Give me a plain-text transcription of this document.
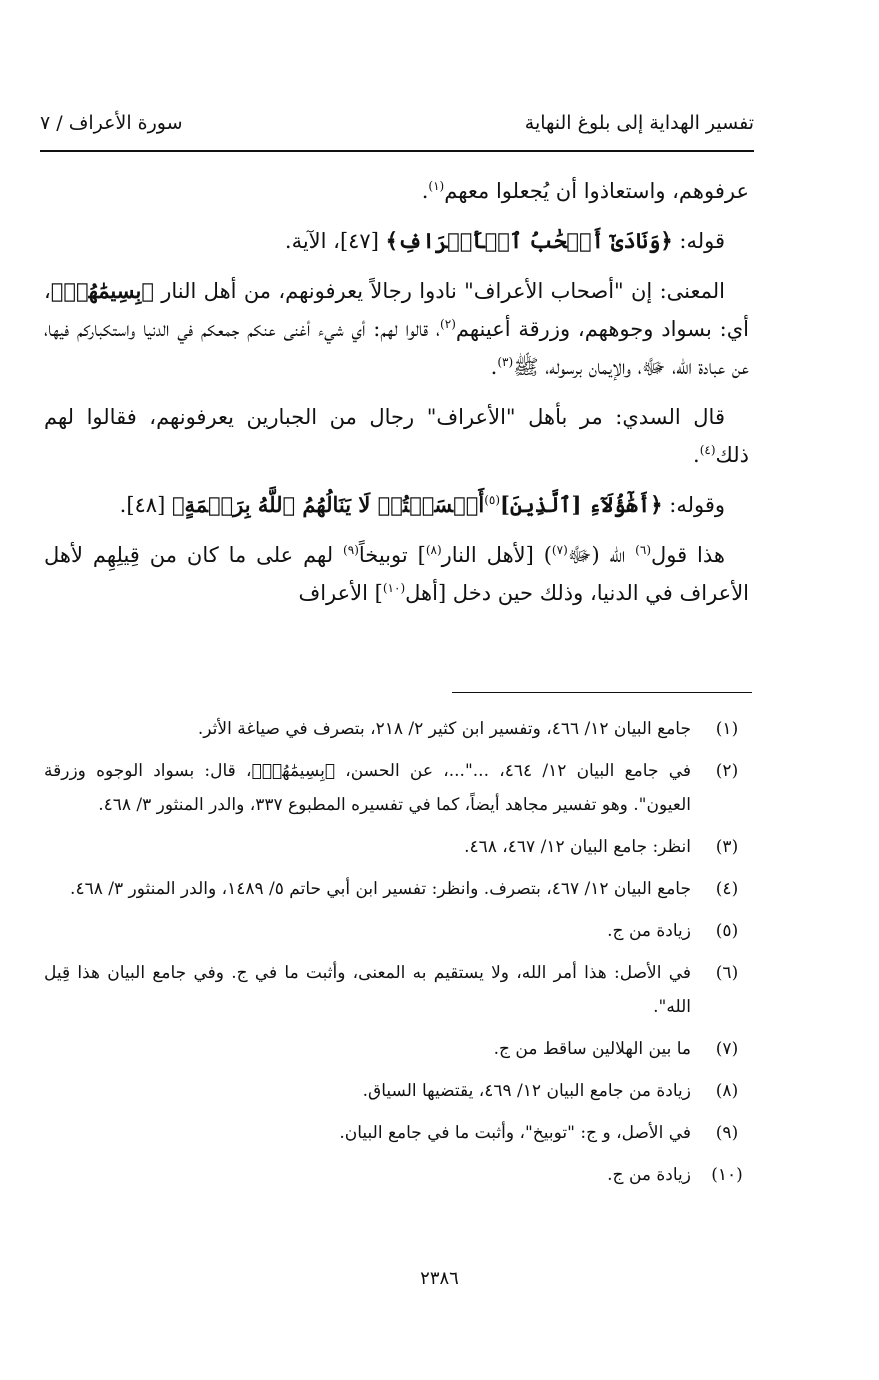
تفسير الهداية إلى بلوغ النهاية
سورة الأعراف / ٧

عرفوهم، واستعاذوا أن يُجعلوا معهم$^{(١)}$.

قوله: ﴿وَنَادَىٰٓ أَصۡحَٰبُ ٱلۡأَعۡرَافِ﴾ [٤٧]، الآية.

المعنى: إن "أصحاب الأعراف" نادوا رجالاً يعرفونهم، من أهل النار ﴿بِسِيمَٰهُمۡ﴾، أي: بسواد وجوههم، وزرقة أعينهم$^{(٢)}$، قالوا لهم: أي شيء أغنى عنكم جمعكم في الدنيا واستكباركم فيها، عن عبادة الله، ﷻ، والإيمان برسوله، ﷺ$^{(٣)}$.

قال السدي: مر بأهل "الأعراف" رجال من الجبارين يعرفونهم، فقالوا لهم ذلك$^{(٤)}$.

وقوله: ﴿أَهَٰٓؤُلَآءِ [ٱلَّذِينَ]$^{(٥)}$أَقۡسَمۡتُمۡ لَا يَنَالُهُمُ ٱللَّهُ بِرَحۡمَةٍ﴾ [٤٨].

هذا قول$^{(٦)}$ الله (ﷻ$^{(٧)}$) [لأهل النار$^{(٨)}$] توبيخاً$^{(٩)}$ لهم على ما كان من قِيلِهِم لأهل الأعراف في الدنيا، وذلك حين دخل [أهل$^{(١٠)}$] الأعراف

(١)
جامع البيان ١٢/ ٤٦٦، وتفسير ابن كثير ٢/ ٢١٨، بتصرف في صياغة الأثر.
(٢)
في جامع البيان ١٢/ ٤٦٤، ..."...، عن الحسن، ﴿بِسِيمَٰهُمۡ﴾، قال: بسواد الوجوه وزرقة العيون". وهو تفسير مجاهد أيضاً، كما في تفسيره المطبوع ٣٣٧، والدر المنثور ٣/ ٤٦٨.
(٣)
انظر: جامع البيان ١٢/ ٤٦٧، ٤٦٨.
(٤)
جامع البيان ١٢/ ٤٦٧، بتصرف. وانظر: تفسير ابن أبي حاتم ٥/ ١٤٨٩، والدر المنثور ٣/ ٤٦٨.
(٥)
زيادة من ج.
(٦)
في الأصل: هذا أمر الله، ولا يستقيم به المعنى، وأثبت ما في ج. وفي جامع البيان هذا قِيل الله".
(٧)
ما بين الهلالين ساقط من ج.
(٨)
زيادة من جامع البيان ١٢/ ٤٦٩، يقتضيها السياق.
(٩)
في الأصل، و ج: "توبيخ"، وأثبت ما في جامع البيان.
(١٠)
زيادة من ج.
٢٣٨٦
